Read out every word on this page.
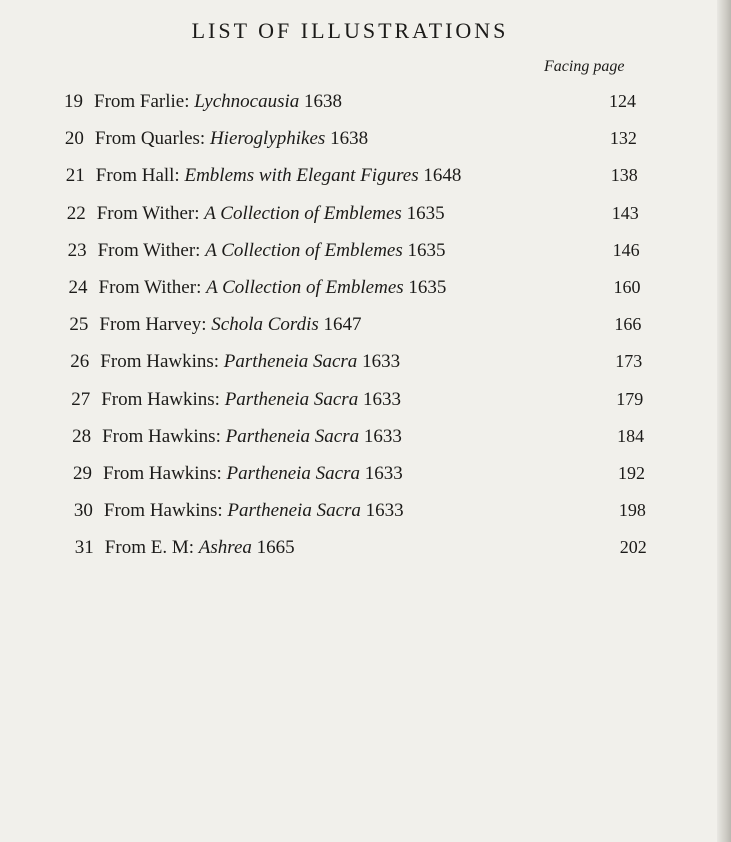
LIST OF ILLUSTRATIONS
Facing page
19 From Farlie: Lychnocausia 1638	124
20 From Quarles: Hieroglyphikes 1638	132
21 From Hall: Emblems with Elegant Figures 1648	138
22 From Wither: A Collection of Emblemes 1635	143
23 From Wither: A Collection of Emblemes 1635	146
24 From Wither: A Collection of Emblemes 1635	160
25 From Harvey: Schola Cordis 1647	166
26 From Hawkins: Partheneia Sacra 1633	173
27 From Hawkins: Partheneia Sacra 1633	179
28 From Hawkins: Partheneia Sacra 1633	184
29 From Hawkins: Partheneia Sacra 1633	192
30 From Hawkins: Partheneia Sacra 1633	198
31 From E. M: Ashrea 1665	202
